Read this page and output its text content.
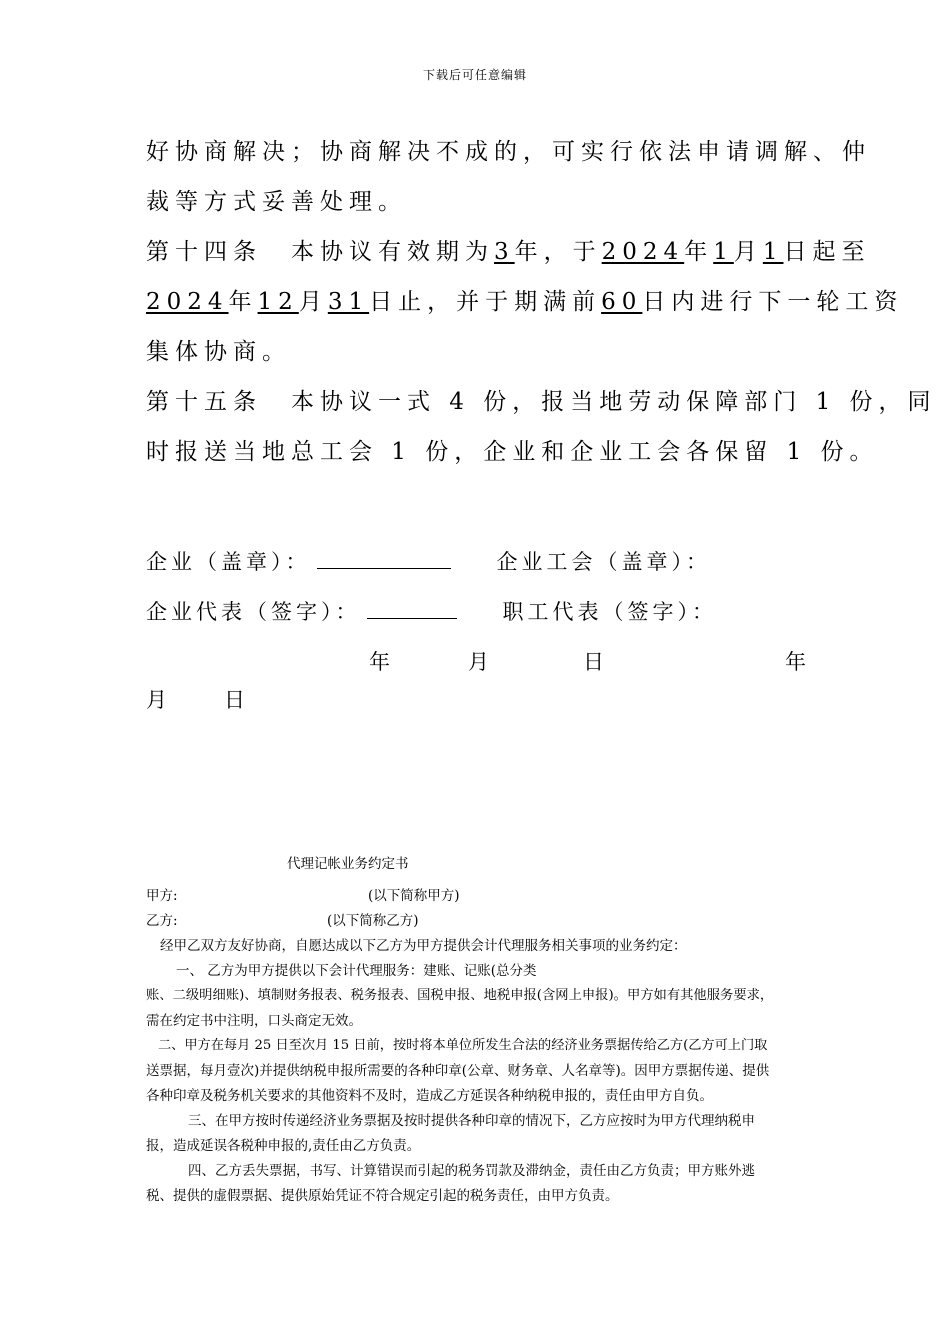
下载后可任意编辑
好协商解决；协商解决不成的，可实行依法申请调解、仲
裁等方式妥善处理。
第十四条　本协议有效期为3年，于2024年1月1日起至
2024年12月31日止，并于期满前60日内进行下一轮工资
集体协商。
第十五条　本协议一式 4 份，报当地劳动保障部门 1 份，同
时报送当地总工会 1 份，企业和企业工会各保留 1 份。
企业（盖章）：	企业工会（盖章）：
企业代表（签字）：	职工代表（签字）：
年	月	日	年
月	日
代理记帐业务约定书
甲方:	(以下简称甲方)
乙方:	(以下简称乙方)
经甲乙双方友好协商，自愿达成以下乙方为甲方提供会计代理服务相关事项的业务约定：
一、 乙方为甲方提供以下会计代理服务：建账、记账(总分类
账、二级明细账)、填制财务报表、税务报表、国税申报、地税申报(含网上申报)。甲方如有其他服务要求，
需在约定书中注明，口头商定无效。
二、甲方在每月 25 日至次月 15 日前，按时将本单位所发生合法的经济业务票据传给乙方(乙方可上门取
送票据，每月壹次)并提供纳税申报所需要的各种印章(公章、财务章、人名章等)。因甲方票据传递、提供
各种印章及税务机关要求的其他资料不及时，造成乙方延误各种纳税申报的，责任由甲方自负。
三、在甲方按时传递经济业务票据及按时提供各种印章的情况下，乙方应按时为甲方代理纳税申
报，造成延误各税种申报的,责任由乙方负责。
四、乙方丢失票据，书写、计算错误而引起的税务罚款及滞纳金，责任由乙方负责；甲方账外逃
税、提供的虚假票据、提供原始凭证不符合规定引起的税务责任，由甲方负责。
